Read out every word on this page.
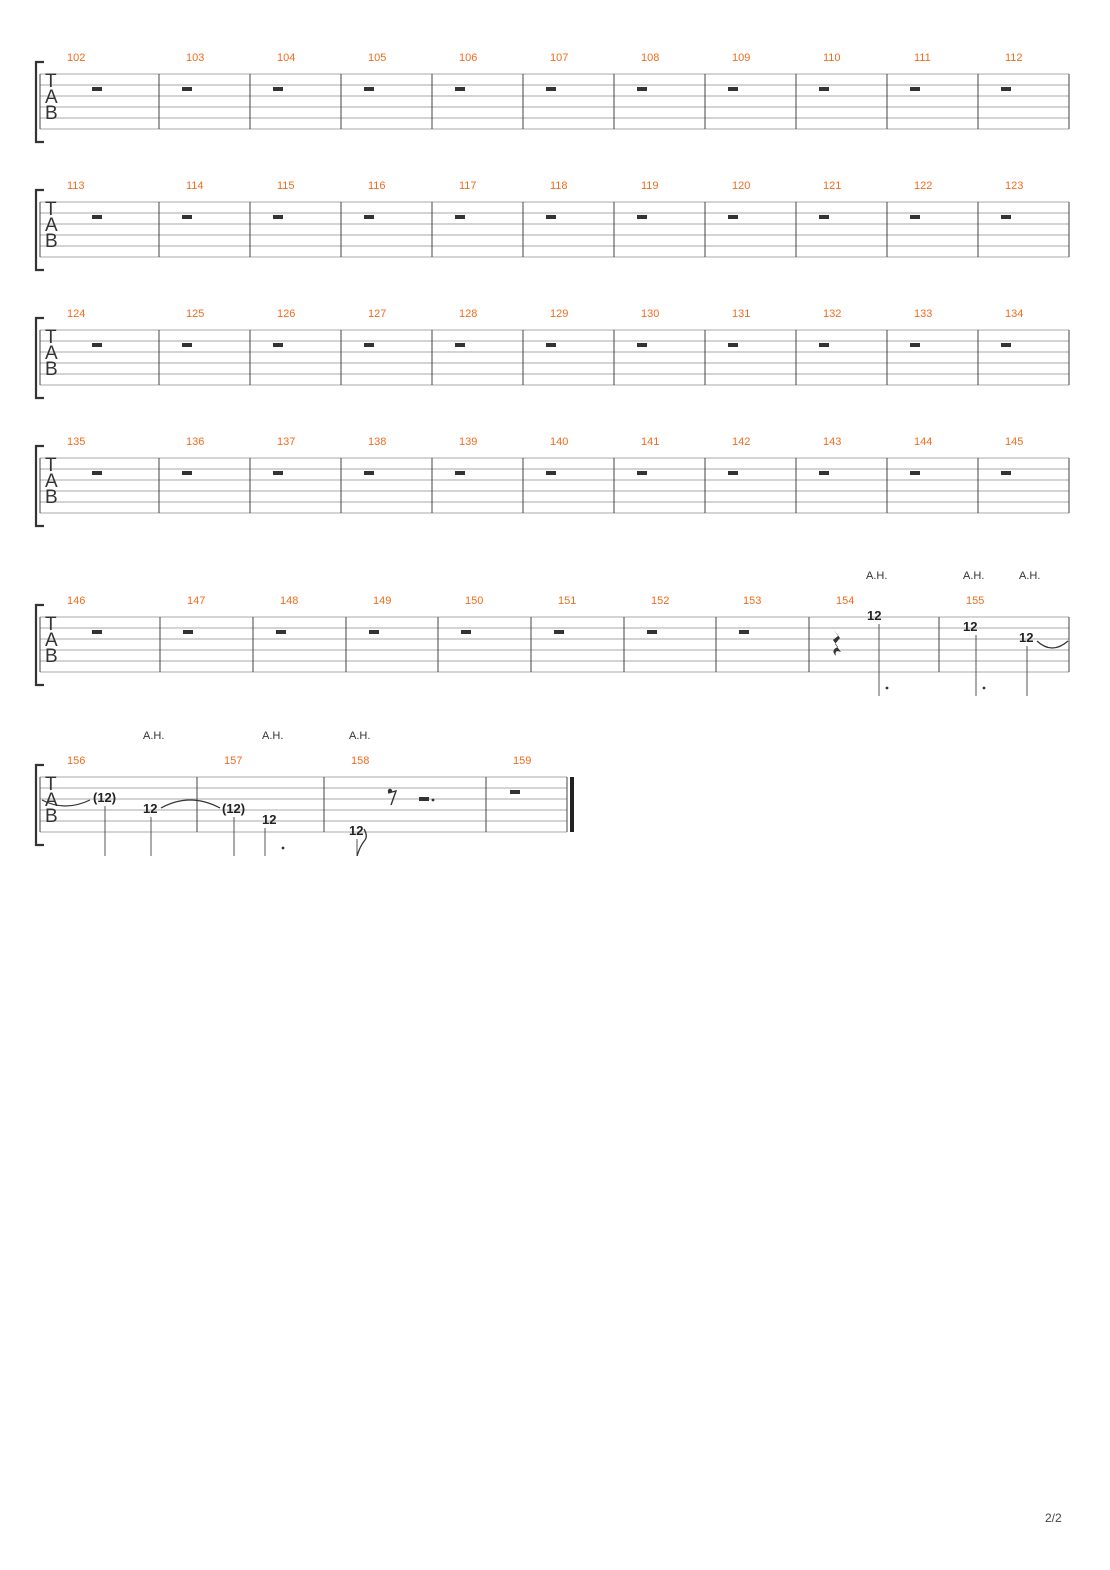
T
A
B
102	103	104	105	106	107	108	109	110	111	112
T
A
B
113	114	115	116	117	118	119	120	121	122	123
T
A
B
124	125	126	127	128	129	130	131	132	133	134
T
A
B
135	136	137	138	139	140	141	142	143	144	145
T
A
B
146	147	148	149	150	151	152	153	154	155
T
A
B
156	157	158	159
A.H.
12
A.H.
12
A.H.
12
(12)
A.H.
12	(12)
A.H.
12
A.H.
12
2/2
